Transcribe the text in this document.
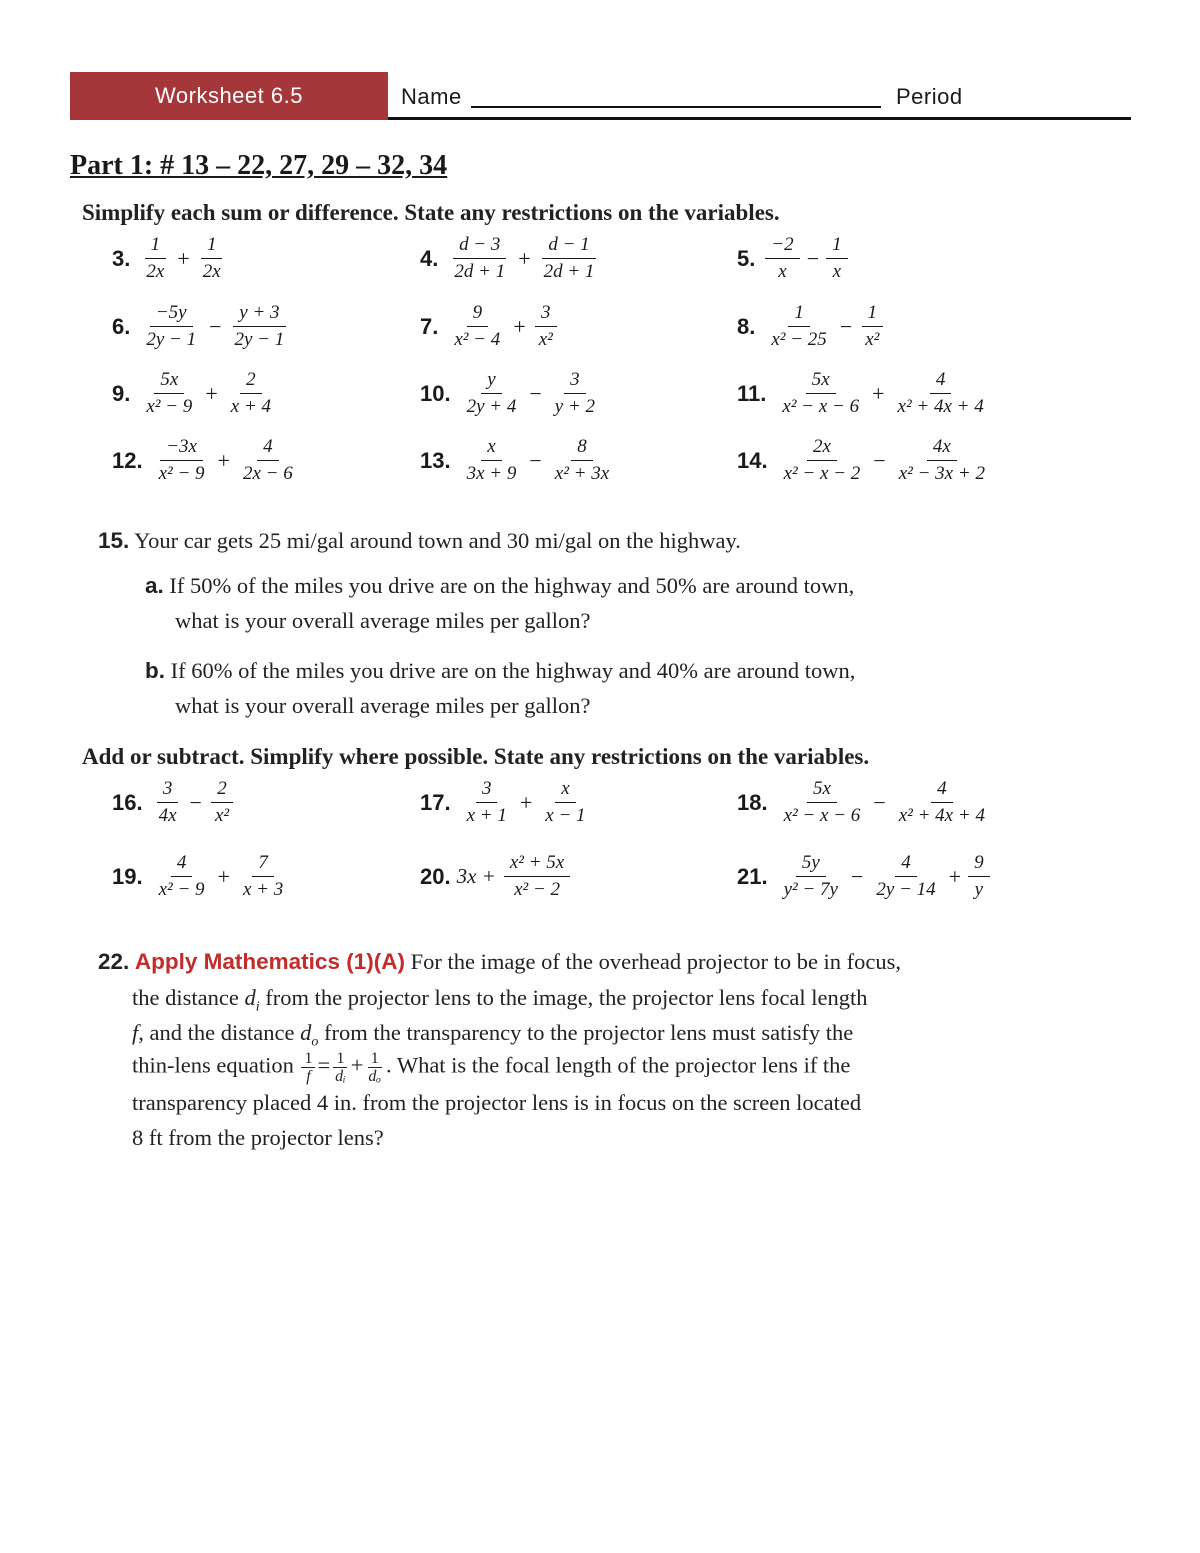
Worksheet 6.5	Name	Period
Part 1: # 13 – 22, 27, 29 – 32, 34
Simplify each sum or difference. State any restrictions on the variables.
3. $\frac{1}{2x} + \frac{1}{2x}$	4. $\frac{d - 3}{2d + 1} + \frac{d - 1}{2d + 1}$	5. $\frac{-2}{x} - \frac{1}{x}$
6. $\frac{-5y}{2y - 1} - \frac{y + 3}{2y - 1}$	7. $\frac{9}{\text{x² − 4}} + \frac{3}{\text{x²}}$	8. $\frac{1}{\text{x² − 25}} - \frac{1}{\text{x²}}$
9. $\frac{5x}{\text{x² − 9}} + \frac{2}{x + 4}$	10. $\frac{y}{2y + 4} - \frac{3}{y + 2}$	11. $\frac{5x}{\text{x² − x − 6}} + \frac{4}{\text{x² + 4x + 4}}$
12. $\frac{-3x}{\text{x² − 9}} + \frac{4}{2x - 6}$	13. $\frac{x}{3x + 9} - \frac{8}{\text{x² + 3x}}$	14. $\frac{2x}{\text{x² − x − 2}} - \frac{4x}{\text{x² − 3x + 2}}$
16. $\frac{3}{4x} - \frac{2}{\text{x²}}$	17. $\frac{3}{x + 1} + \frac{x}{x - 1}$	18. $\frac{5x}{\text{x² − x − 6}} - \frac{4}{\text{x² + 4x + 4}}$
19. $\frac{4}{\text{x² − 9}} + \frac{7}{x + 3}$	20. $3x + \frac{\text{x² + 5x}}{\text{x² − 2}}$	21. $\frac{5y}{\text{y² − 7y}} - \frac{4}{2y - 14} + \frac{9}{y}$
15. Your car gets 25 mi/gal around town and 30 mi/gal on the highway.
a. If 50% of the miles you drive are on the highway and 50% are around town,
what is your overall average miles per gallon?
b. If 60% of the miles you drive are on the highway and 40% are around town,
what is your overall average miles per gallon?
Add or subtract. Simplify where possible. State any restrictions on the variables.
22. Apply Mathematics (1)(A) For the image of the overhead projector to be in focus,
the distance $d_i$ from the projector lens to the image, the projector lens focal length
f, and the distance $d_o$ from the transparency to the projector lens must satisfy the
thin-lens equation $\frac{1}{f} = \frac{1}{\text{dᵢ}} + \frac{1}{\text{dₒ}}$ . What is the focal length of the projector lens if the
transparency placed 4 in. from the projector lens is in focus on the screen located
8 ft from the projector lens?
